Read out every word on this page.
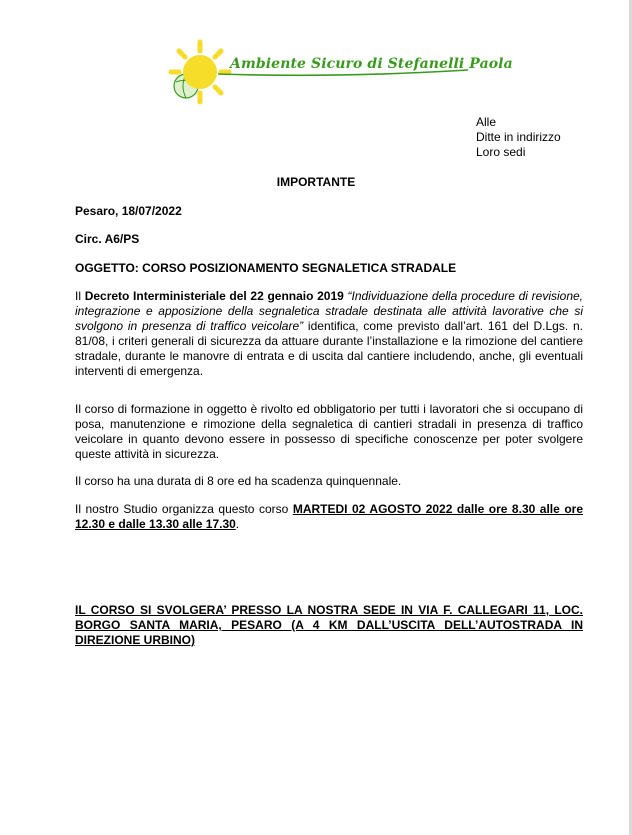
Ambiente Sicuro di Stefanelli Paola
Alle
Ditte in indirizzo
Loro sedi
IMPORTANTE
Pesaro, 18/07/2022
Circ. A6/PS
OGGETTO: CORSO POSIZIONAMENTO SEGNALETICA STRADALE
Il Decreto Interministeriale del 22 gennaio 2019 “Individuazione della procedure di revisione, integrazione e apposizione della segnaletica stradale destinata alle attività lavorative che si svolgono in presenza di traffico veicolare” identifica, come previsto dall’art. 161 del D.Lgs. n. 81/08, i criteri generali di sicurezza da attuare durante l’installazione e la rimozione del cantiere stradale, durante le manovre di entrata e di uscita dal cantiere includendo, anche, gli eventuali interventi di emergenza.
Il corso di formazione in oggetto è rivolto ed obbligatorio per tutti i lavoratori che si occupano di posa, manutenzione e rimozione della segnaletica di cantieri stradali in presenza di traffico veicolare in quanto devono essere in possesso di specifiche conoscenze per poter svolgere queste attività in sicurezza.
Il corso ha una durata di 8 ore ed ha scadenza quinquennale.
Il nostro Studio organizza questo corso MARTEDI 02 AGOSTO 2022 dalle ore 8.30 alle ore 12.30 e dalle 13.30 alle 17.30.
IL CORSO SI SVOLGERA’ PRESSO LA NOSTRA SEDE IN VIA F. CALLEGARI 11, LOC. BORGO SANTA MARIA, PESARO (A 4 KM DALL’USCITA DELL’AUTOSTRADA IN DIREZIONE URBINO)
